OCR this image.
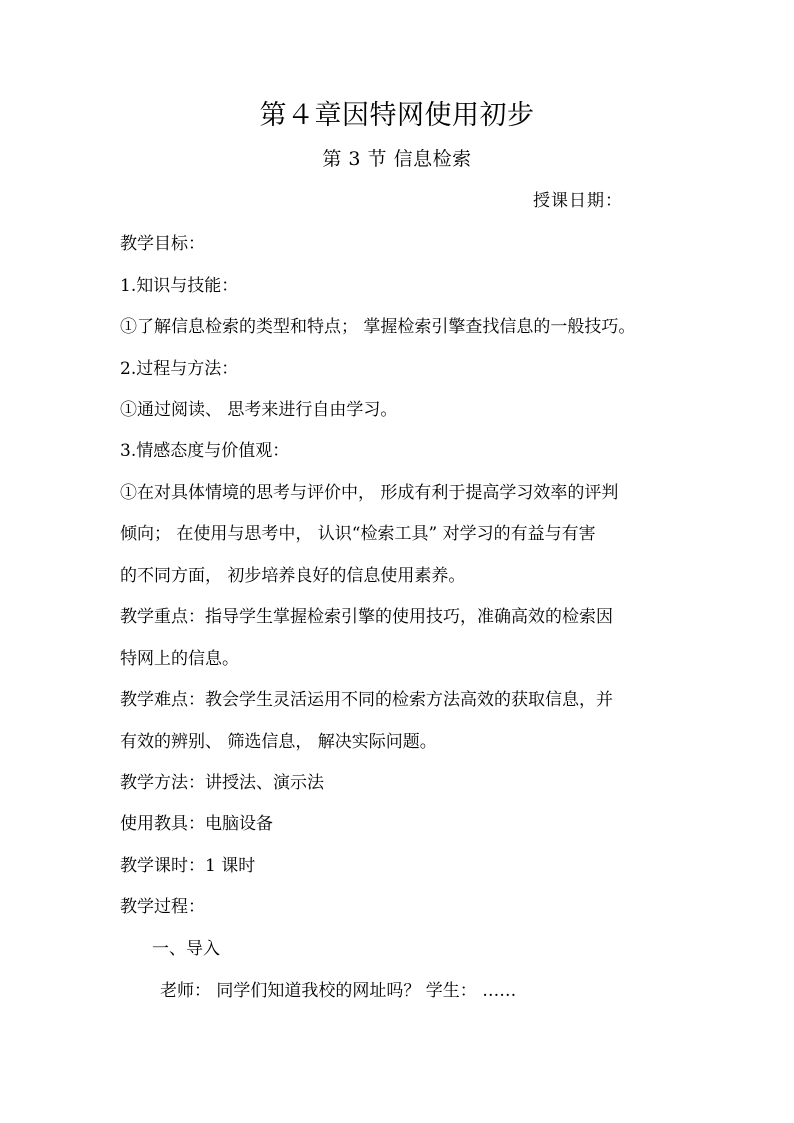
第４章因特网使用初步
第 3 节 信息检索
授课日期：
教学目标：
1.知识与技能：
①了解信息检索的类型和特点； 掌握检索引擎查找信息的一般技巧。
2.过程与方法：
①通过阅读、 思考来进行自由学习。
3.情感态度与价值观：
①在对具体情境的思考与评价中， 形成有利于提高学习效率的评判
倾向； 在使用与思考中， 认识“检索工具” 对学习的有益与有害
的不同方面， 初步培养良好的信息使用素养。
教学重点：指导学生掌握检索引擎的使用技巧，准确高效的检索因
特网上的信息。
教学难点：教会学生灵活运用不同的检索方法高效的获取信息，并
有效的辨别、 筛选信息， 解决实际问题。
教学方法：讲授法、演示法
使用教具：电脑设备
教学课时：1 课时
教学过程：
一、导入
老师： 同学们知道我校的网址吗？ 学生： ……
